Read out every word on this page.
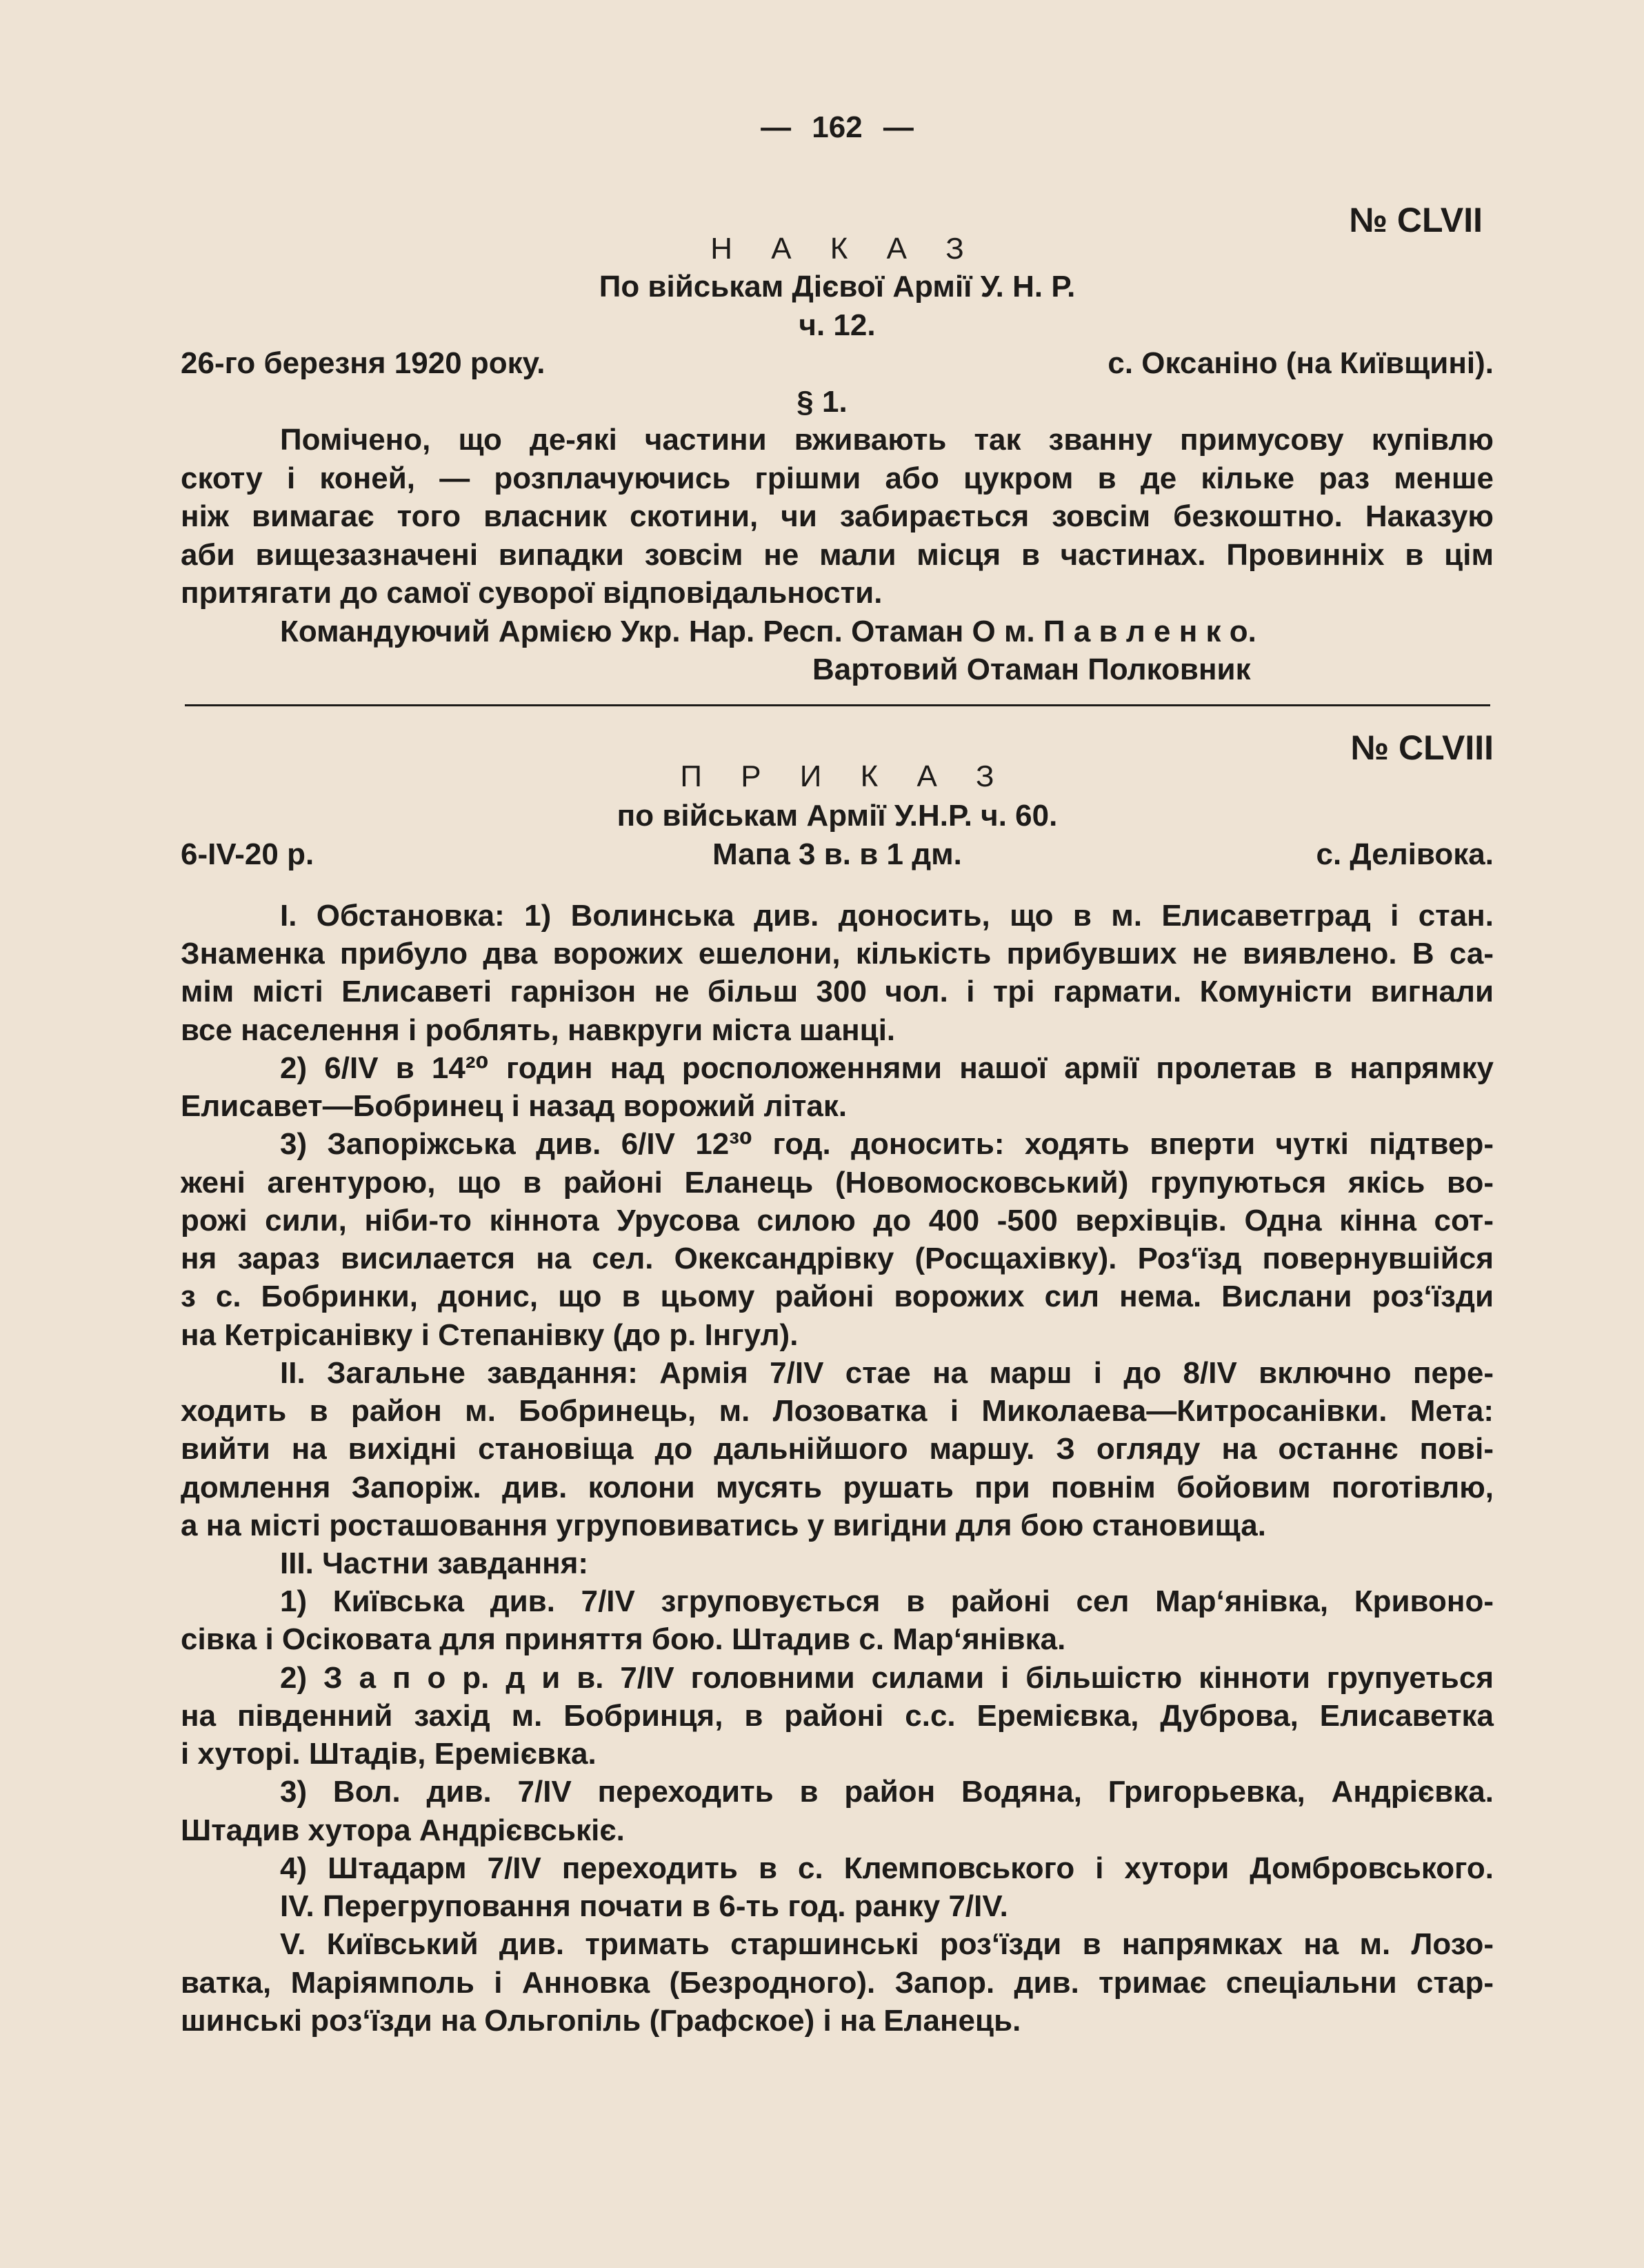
— 162 —
№ CLVII
Н А К А З
По військам Дієвої Армії У. Н. Р.
ч. 12.
26-го березня 1920 року.	с. Оксаніно (на Київщині).
§ 1.
Помічено, що де-які частини вживають так званну примусову купівлю
скоту і коней, — розплачуючись грішми або цукром в де кільке раз менше
ніж вимагає того власник скотини, чи забирається зовсім безкоштно. Наказую
аби вищезазначені випадки зовсім не мали місця в частинах. Провинніх в цім
притягати до самої суворої відповідальности.
Командуючий Армією Укр. Нар. Респ. Отаман О м. П а в л е н к о.
Вартовий Отаман Полковник
№ CLVIII
П Р И К А З
по військам Армії У.Н.Р. ч. 60.
6-IV-20 р.	Мапа 3 в. в 1 дм.	с. Делівока.
I. Обстановка: 1) Волинська див. доносить, що в м. Елисаветград і стан.
Знаменка прибуло два ворожих ешелони, кількість прибувших не виявлено. В са-
мім місті Елисаветі гарнізон не більш 300 чол. і трі гармати. Комуністи вигнали
все населення і роблять, навкруги міста шанці.
2) 6/IV в 14²⁰ годин над росположеннями нашої армії пролетав в напрямку
Елисавет—Бобринец і назад ворожий літак.
3) Запоріжська див. 6/IV 12³⁰ год. доносить: ходять вперти чуткі підтвер-
жені агентурою, що в районі Еланець (Новомосковський) групуються якісь во-
рожі сили, ніби-то кіннота Урусова силою до 400 -500 верхівців. Одна кінна сот-
ня зараз висилается на сел. Окександрівку (Росщахівку). Роз‘їзд повернувшійся
з с. Бобринки, донис, що в цьому районі ворожих сил нема. Вислани роз‘їзди
на Кетрісанівку і Степанівку (до р. Інгул).
II. Загальне завдання: Армія 7/IV стае на марш і до 8/IV включно пере-
ходить в район м. Бобринець, м. Лозоватка і Миколаева—Китросанівки. Мета:
вийти на вихідні становіща до дальнійшого маршу. З огляду на останнє пові-
домлення Запоріж. див. колони мусять рушать при повнім бойовим поготівлю,
а на місті росташовання угруповиватись у вигідни для бою становища.
III. Частни завдання:
1) Київська див. 7/IV згруповується в районі сел Мар‘янівка, Кривоно-
сівка і Осіковата для приняття бою. Штадив с. Мар‘янівка.
2) З а п о р. д и в. 7/IV головними силами і більшістю кінноти групуеться
на південний захід м. Бобринця, в районі с.с. Еремієвка, Дуброва, Елисаветка
і хуторі. Штадів, Еремієвка.
3) Вол. див. 7/IV переходить в район Водяна, Григорьевка, Андрієвка.
Штадив хутора Андрієвськіє.
4) Штадарм 7/IV переходить в с. Клемповського і хутори Домбровського.
IV. Перегруповання почати в 6-ть год. ранку 7/IV.
V. Київський див. тримать старшинські роз‘їзди в напрямках на м. Лозо-
ватка, Маріямполь і Анновка (Безродного). Запор. див. тримає спеціальни стар-
шинські роз‘їзди на Ольгопіль (Графское) і на Еланець.
